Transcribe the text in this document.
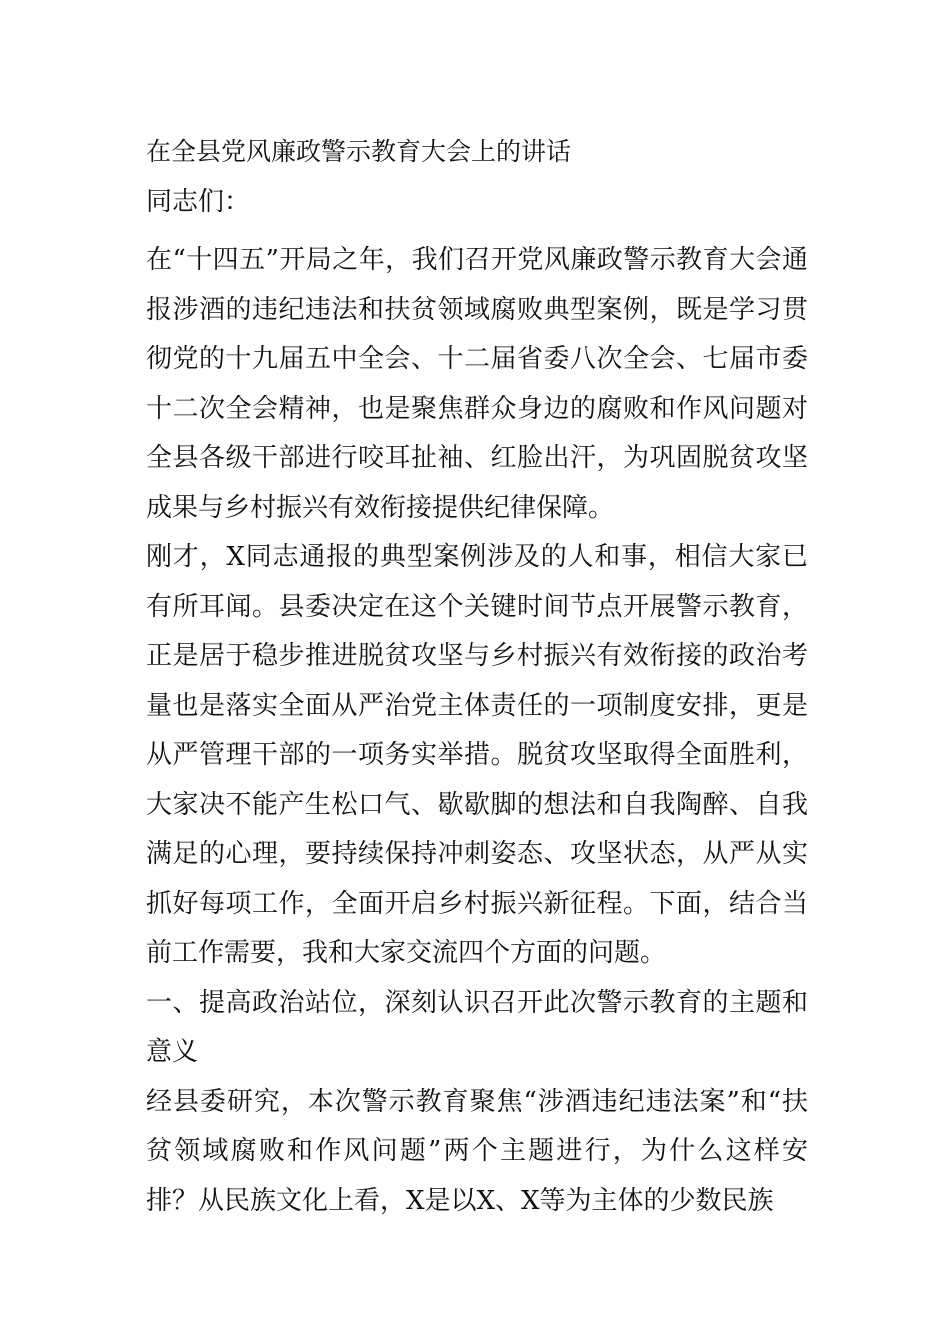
在全县党风廉政警示教育大会上的讲话

同志们：

在“十四五”开局之年，我们召开党风廉政警示教育大会通报涉酒的违纪违法和扶贫领域腐败典型案例，既是学习贯彻党的十九届五中全会、十二届省委八次全会、七届市委十二次全会精神，也是聚焦群众身边的腐败和作风问题对全县各级干部进行咬耳扯袖、红脸出汗，为巩固脱贫攻坚成果与乡村振兴有效衔接提供纪律保障。

刚才，X同志通报的典型案例涉及的人和事，相信大家已有所耳闻。县委决定在这个关键时间节点开展警示教育，正是居于稳步推进脱贫攻坚与乡村振兴有效衔接的政治考量也是落实全面从严治党主体责任的一项制度安排，更是从严管理干部的一项务实举措。脱贫攻坚取得全面胜利，大家决不能产生松口气、歇歇脚的想法和自我陶醉、自我满足的心理，要持续保持冲刺姿态、攻坚状态，从严从实抓好每项工作，全面开启乡村振兴新征程。下面，结合当前工作需要，我和大家交流四个方面的问题。

一、提高政治站位，深刻认识召开此次警示教育的主题和意义

经县委研究，本次警示教育聚焦“涉酒违纪违法案”和“扶贫领域腐败和作风问题”两个主题进行，为什么这样安排？从民族文化上看，X是以X、X等为主体的少数民族
